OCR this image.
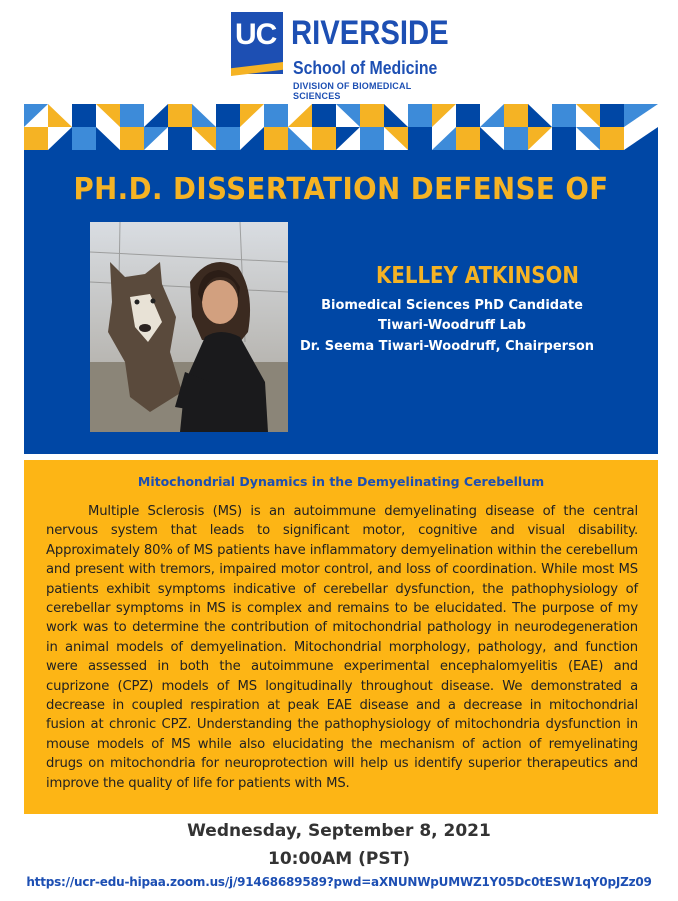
UC RIVERSIDE
School of Medicine
DIVISION OF BIOMEDICAL SCIENCES
PH.D. DISSERTATION DEFENSE OF
KELLEY ATKINSON
Biomedical Sciences PhD Candidate
Tiwari-Woodruff Lab
Dr. Seema Tiwari-Woodruff, Chairperson
Mitochondrial Dynamics in the Demyelinating Cerebellum
Multiple Sclerosis (MS) is an autoimmune demyelinating disease of the central nervous system that leads to significant motor, cognitive and visual disability. Approximately 80% of MS patients have inflammatory demyelination within the cerebellum and present with tremors, impaired motor control, and loss of coordination. While most MS patients exhibit symptoms indicative of cerebellar dysfunction, the pathophysiology of cerebellar symptoms in MS is complex and remains to be elucidated. The purpose of my work was to determine the contribution of mitochondrial pathology in neurodegeneration in animal models of demyelination. Mitochondrial morphology, pathology, and function were assessed in both the autoimmune experimental encephalomyelitis (EAE) and cuprizone (CPZ) models of MS longitudinally throughout disease. We demonstrated a decrease in coupled respiration at peak EAE disease and a decrease in mitochondrial fusion at chronic CPZ. Understanding the pathophysiology of mitochondria dysfunction in mouse models of MS while also elucidating the mechanism of action of remyelinating drugs on mitochondria for neuroprotection will help us identify superior therapeutics and improve the quality of life for patients with MS.
Wednesday, September 8, 2021
10:00AM (PST)
https://ucr-edu-hipaa.zoom.us/j/91468689589?pwd=aXNUNWpUMWZ1Y05Dc0tESW1qY0pJZz09
